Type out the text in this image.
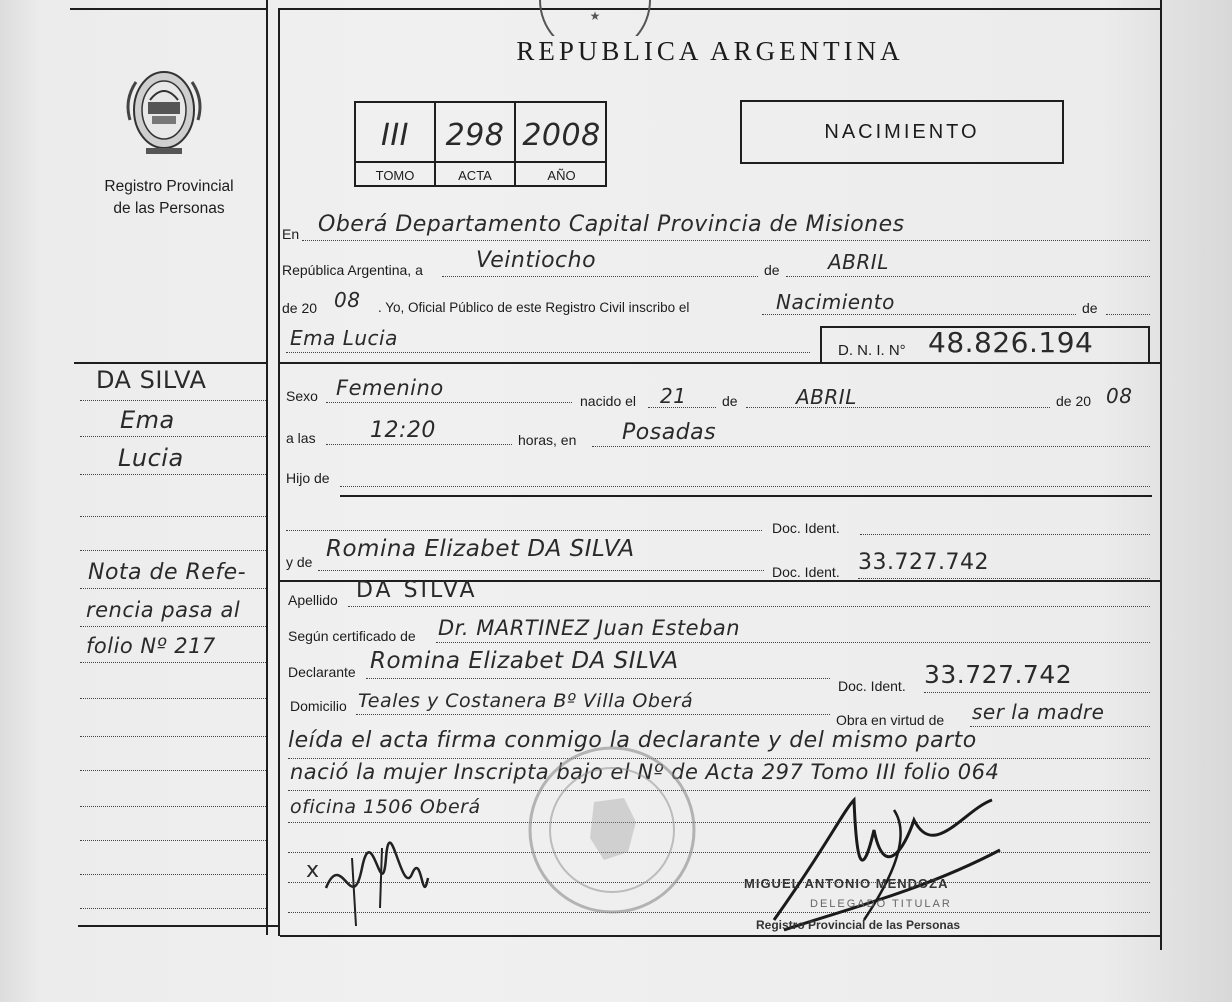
★
Registro Provincial
de las Personas
REPUBLICA ARGENTINA
III	298 2008
TOMO	ACTA	AÑO
NACIMIENTO
En Oberá Departamento Capital Provincia de Misiones
República Argentina, a Veintiocho	de ABRIL
de 20 08 . Yo, Oficial Público de este Registro Civil inscribo el	Nacimiento	de
Ema Lucia
D. N. I. N° 48.826.194
Sexo Femenino
nacido el 21	de	ABRIL	de 20 08
a las 12:20	horas, en Posadas
Hijo de
Doc. Ident.
y de Romina Elizabet DA SILVA
Doc. Ident. 33.727.742
Apellido DA SILVA
Según certificado de Dr. MARTINEZ Juan Esteban
Declarante Romina Elizabet DA SILVA
Doc. Ident. 33.727.742
Domicilio Teales y Costanera Bº Villa Oberá
Obra en virtud de ser la madre
leída el acta firma conmigo la declarante y del mismo parto
nació la mujer Inscripta bajo el Nº de Acta 297 Tomo III folio 064
oficina 1506 Oberá
x
MIGUEL ANTONIO MENDOZA
DELEGADO TITULAR
Registro Provincial de las Personas
DA SILVA
Ema
Lucia
Nota de Refe-
rencia pasa al
folio Nº 217
